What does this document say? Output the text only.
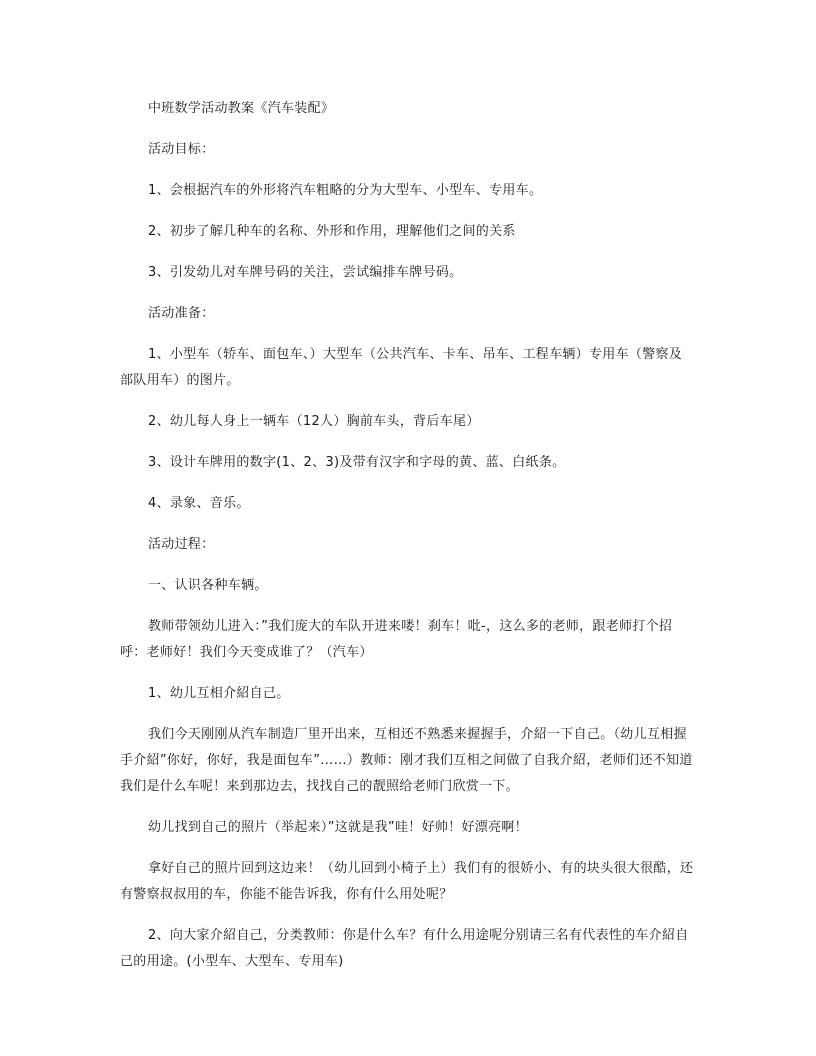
中班数学活动教案《汽车装配》

活动目标：

1、会根据汽车的外形将汽车粗略的分为大型车、小型车、专用车。

2、初步了解几种车的名称、外形和作用，理解他们之间的关系

3、引发幼儿对车牌号码的关注，尝试编排车牌号码。

活动准备：

1、小型车（轿车、面包车、）大型车（公共汽车、卡车、吊车、工程车辆）专用车（警察及部队用车）的图片。

2、幼儿每人身上一辆车（12人）胸前车头，背后车尾）

3、设计车牌用的数字(1、2、3)及带有汉字和字母的黄、蓝、白纸条。

4、录象、音乐。

活动过程：

一、认识各种车辆。

教师带领幼儿进入：”我们庞大的车队开进来喽！刹车！吡-，这么多的老师，跟老师打个招呼：老师好！我们今天变成谁了？（汽车）

1、幼儿互相介紹自己。

我们今天刚刚从汽车制造厂里开出来，互相还不熟悉来握握手，介紹一下自己。（幼儿互相握手介紹”你好，你好，我是面包车”……）教师：刚才我们互相之间做了自我介紹，老师们还不知道我们是什么车呢！来到那边去，找找自己的靓照给老师门欣赏一下。

幼儿找到自己的照片（举起来）”这就是我”哇！好帅！好漂亮啊！

拿好自己的照片回到这边来！（幼儿回到小椅子上）我们有的很娇小、有的块头很大很酷，还有警察叔叔用的车，你能不能告诉我，你有什么用处呢？

2、向大家介紹自己，分类教师：你是什么车？有什么用途呢分别请三名有代表性的车介紹自己的用途。(小型车、大型车、专用车)
